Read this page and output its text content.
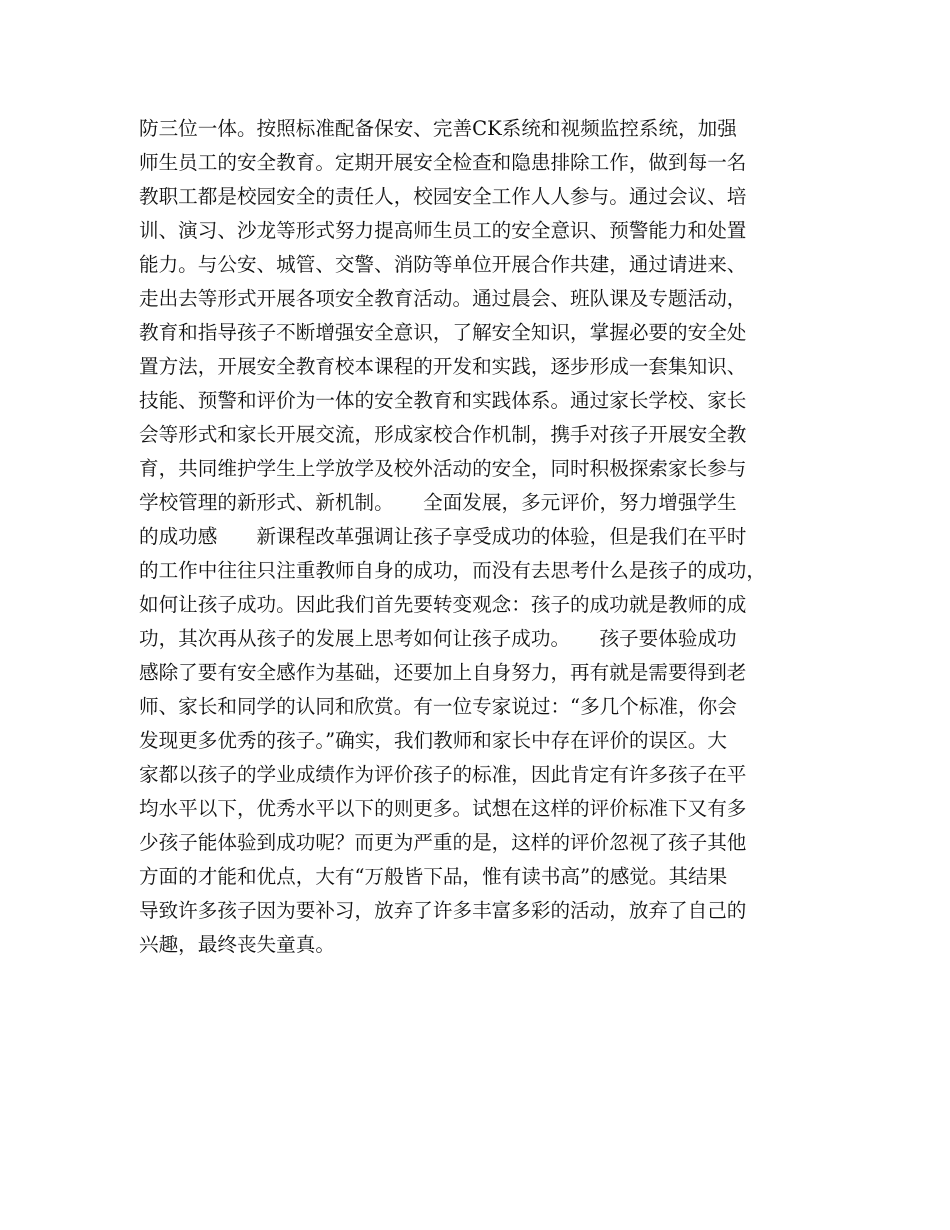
防三位一体。按照标准配备保安、完善CK系统和视频监控系统，加强
师生员工的安全教育。定期开展安全检查和隐患排除工作，做到每一名
教职工都是校园安全的责任人，校园安全工作人人参与。通过会议、培
训、演习、沙龙等形式努力提高师生员工的安全意识、预警能力和处置
能力。与公安、城管、交警、消防等单位开展合作共建，通过请进来、
走出去等形式开展各项安全教育活动。通过晨会、班队课及专题活动，
教育和指导孩子不断增强安全意识，了解安全知识，掌握必要的安全处
置方法，开展安全教育校本课程的开发和实践，逐步形成一套集知识、
技能、预警和评价为一体的安全教育和实践体系。通过家长学校、家长
会等形式和家长开展交流，形成家校合作机制，携手对孩子开展安全教
育，共同维护学生上学放学及校外活动的安全，同时积极探索家长参与
学校管理的新形式、新机制。　　全面发展，多元评价，努力增强学生
的成功感　　新课程改革强调让孩子享受成功的体验，但是我们在平时
的工作中往往只注重教师自身的成功，而没有去思考什么是孩子的成功，
如何让孩子成功。因此我们首先要转变观念：孩子的成功就是教师的成
功，其次再从孩子的发展上思考如何让孩子成功。　　孩子要体验成功
感除了要有安全感作为基础，还要加上自身努力，再有就是需要得到老
师、家长和同学的认同和欣赏。有一位专家说过：“多几个标准，你会
发现更多优秀的孩子。”确实，我们教师和家长中存在评价的误区。大
家都以孩子的学业成绩作为评价孩子的标准，因此肯定有许多孩子在平
均水平以下，优秀水平以下的则更多。试想在这样的评价标准下又有多
少孩子能体验到成功呢？而更为严重的是，这样的评价忽视了孩子其他
方面的才能和优点，大有“万般皆下品，惟有读书高”的感觉。其结果
导致许多孩子因为要补习，放弃了许多丰富多彩的活动，放弃了自己的
兴趣，最终丧失童真。
